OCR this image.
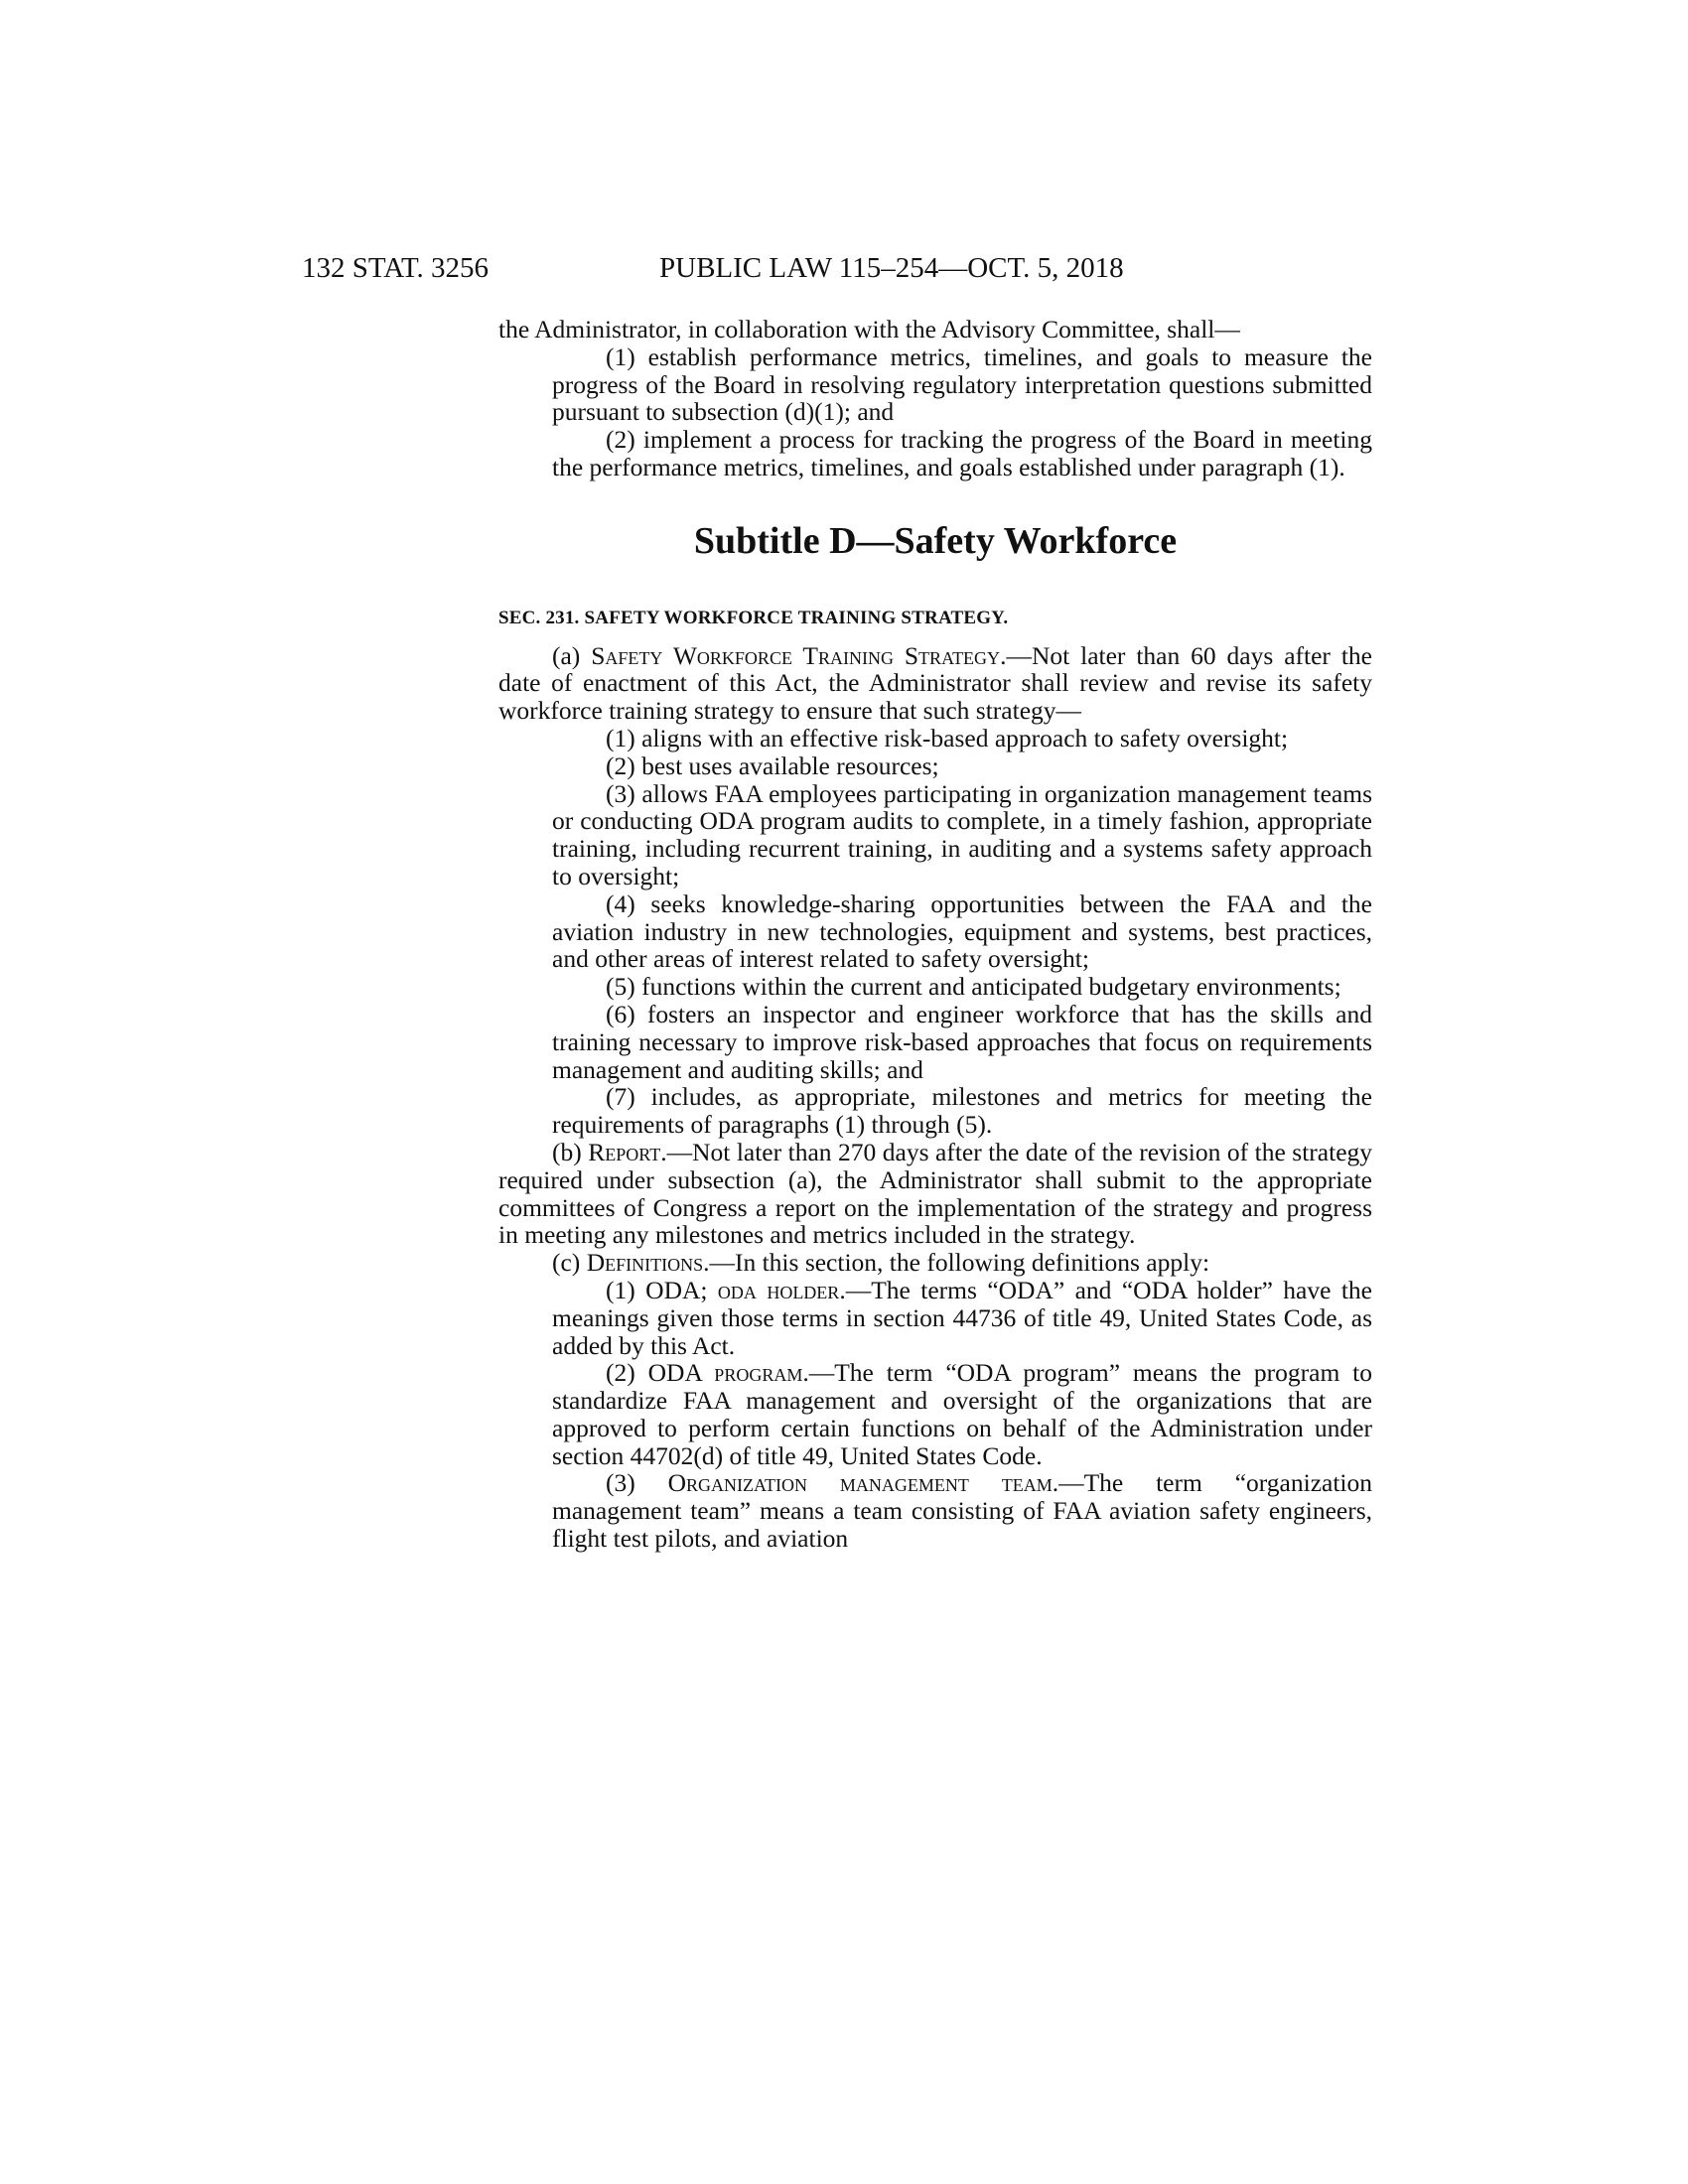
132 STAT. 3256	PUBLIC LAW 115–254—OCT. 5, 2018

the Administrator, in collaboration with the Advisory Committee, shall—

(1) establish performance metrics, timelines, and goals to measure the progress of the Board in resolving regulatory interpretation questions submitted pursuant to subsection (d)(1); and

(2) implement a process for tracking the progress of the Board in meeting the performance metrics, timelines, and goals established under paragraph (1).

Subtitle D—Safety Workforce
SEC. 231. SAFETY WORKFORCE TRAINING STRATEGY.

(a) Safety Workforce Training Strategy.—Not later than 60 days after the date of enactment of this Act, the Administrator shall review and revise its safety workforce training strategy to ensure that such strategy—

(1) aligns with an effective risk-based approach to safety oversight;

(2) best uses available resources;

(3) allows FAA employees participating in organization management teams or conducting ODA program audits to complete, in a timely fashion, appropriate training, including recurrent training, in auditing and a systems safety approach to oversight;

(4) seeks knowledge-sharing opportunities between the FAA and the aviation industry in new technologies, equipment and systems, best practices, and other areas of interest related to safety oversight;

(5) functions within the current and anticipated budgetary environments;

(6) fosters an inspector and engineer workforce that has the skills and training necessary to improve risk-based approaches that focus on requirements management and auditing skills; and

(7) includes, as appropriate, milestones and metrics for meeting the requirements of paragraphs (1) through (5).

(b) Report.—Not later than 270 days after the date of the revision of the strategy required under subsection (a), the Administrator shall submit to the appropriate committees of Congress a report on the implementation of the strategy and progress in meeting any milestones and metrics included in the strategy.

(c) Definitions.—In this section, the following definitions apply:

(1) ODA; oda holder.—The terms “ODA” and “ODA holder” have the meanings given those terms in section 44736 of title 49, United States Code, as added by this Act.

(2) ODA program.—The term “ODA program” means the program to standardize FAA management and oversight of the organizations that are approved to perform certain functions on behalf of the Administration under section 44702(d) of title 49, United States Code.

(3) Organization management team.—The term “organization management team” means a team consisting of FAA aviation safety engineers, flight test pilots, and aviation
